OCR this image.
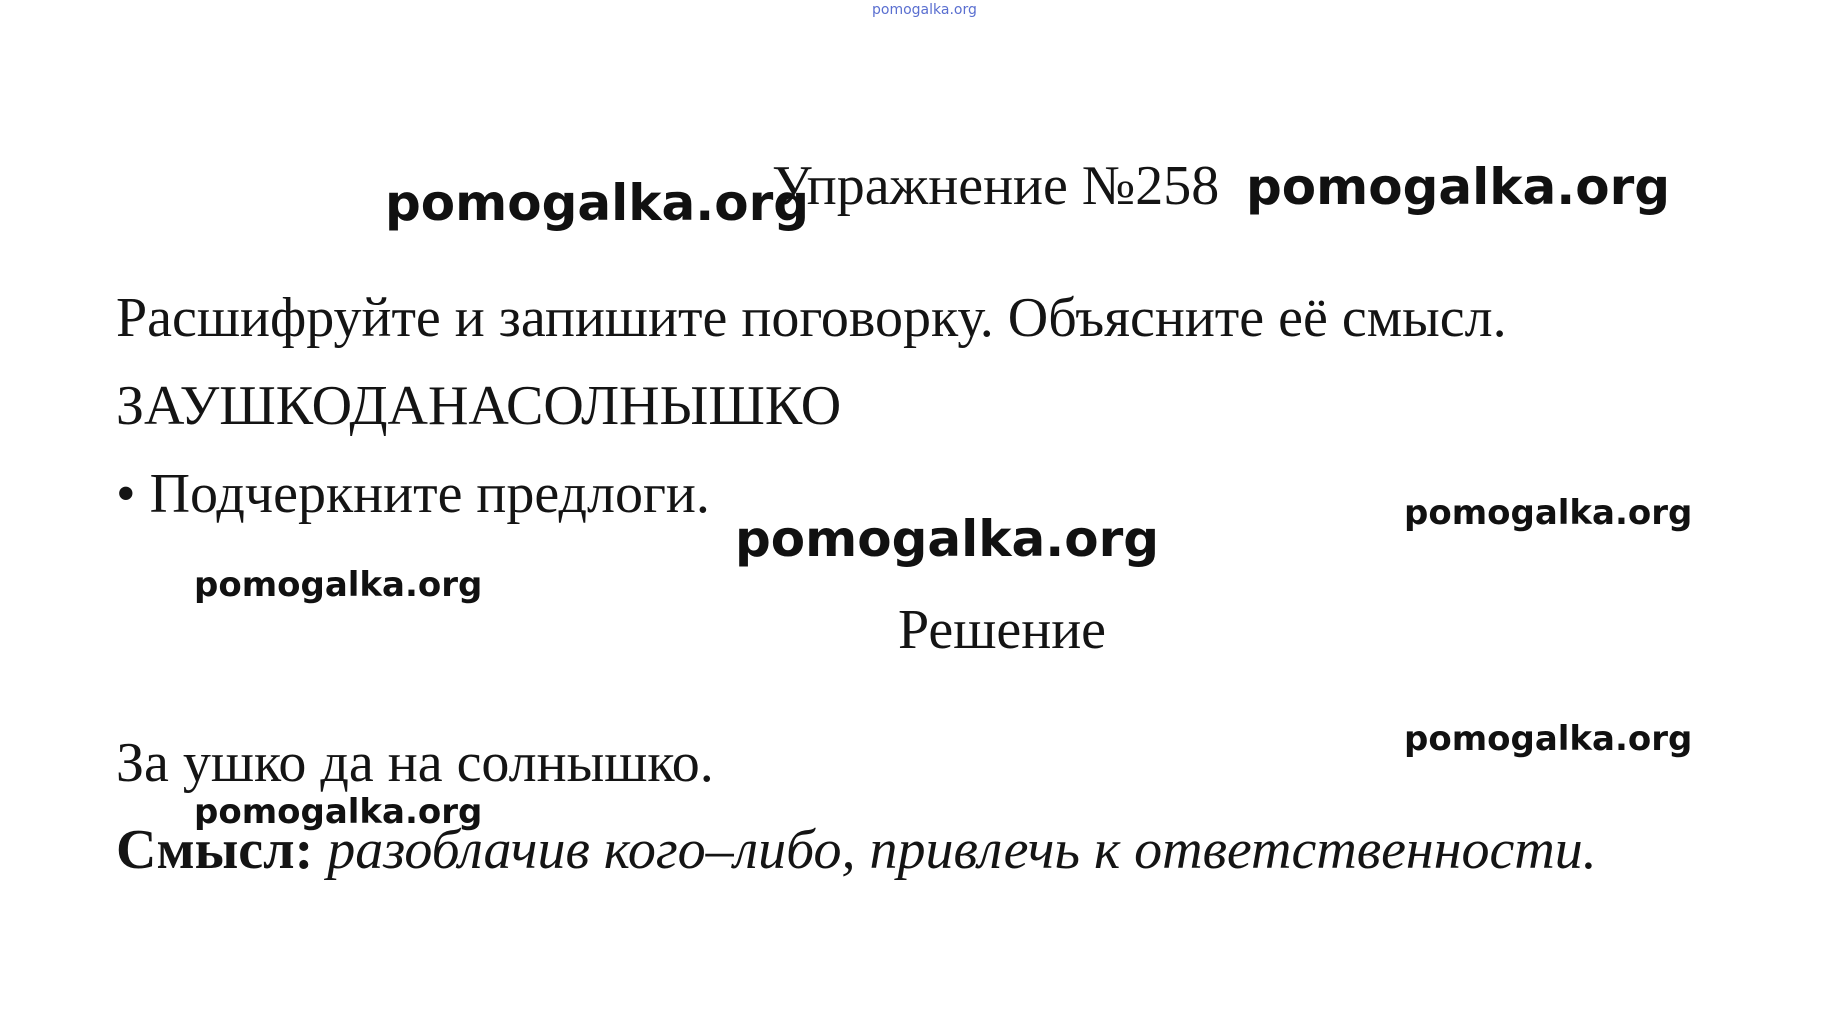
pomogalka.org
Упражнение №258
Расшифруйте и запишите поговорку. Объясните её смысл.
ЗАУШКОДАНАСОЛНЫШКО
• Подчеркните предлоги.
Решение
За ушко да на солнышко.
Смысл: разоблачив кого–либо, привлечь к ответственности.
pomogalka.org	pomogalka.org
pomogalka.org	pomogalka.org
pomogalka.org
pomogalka.org
pomogalka.org
